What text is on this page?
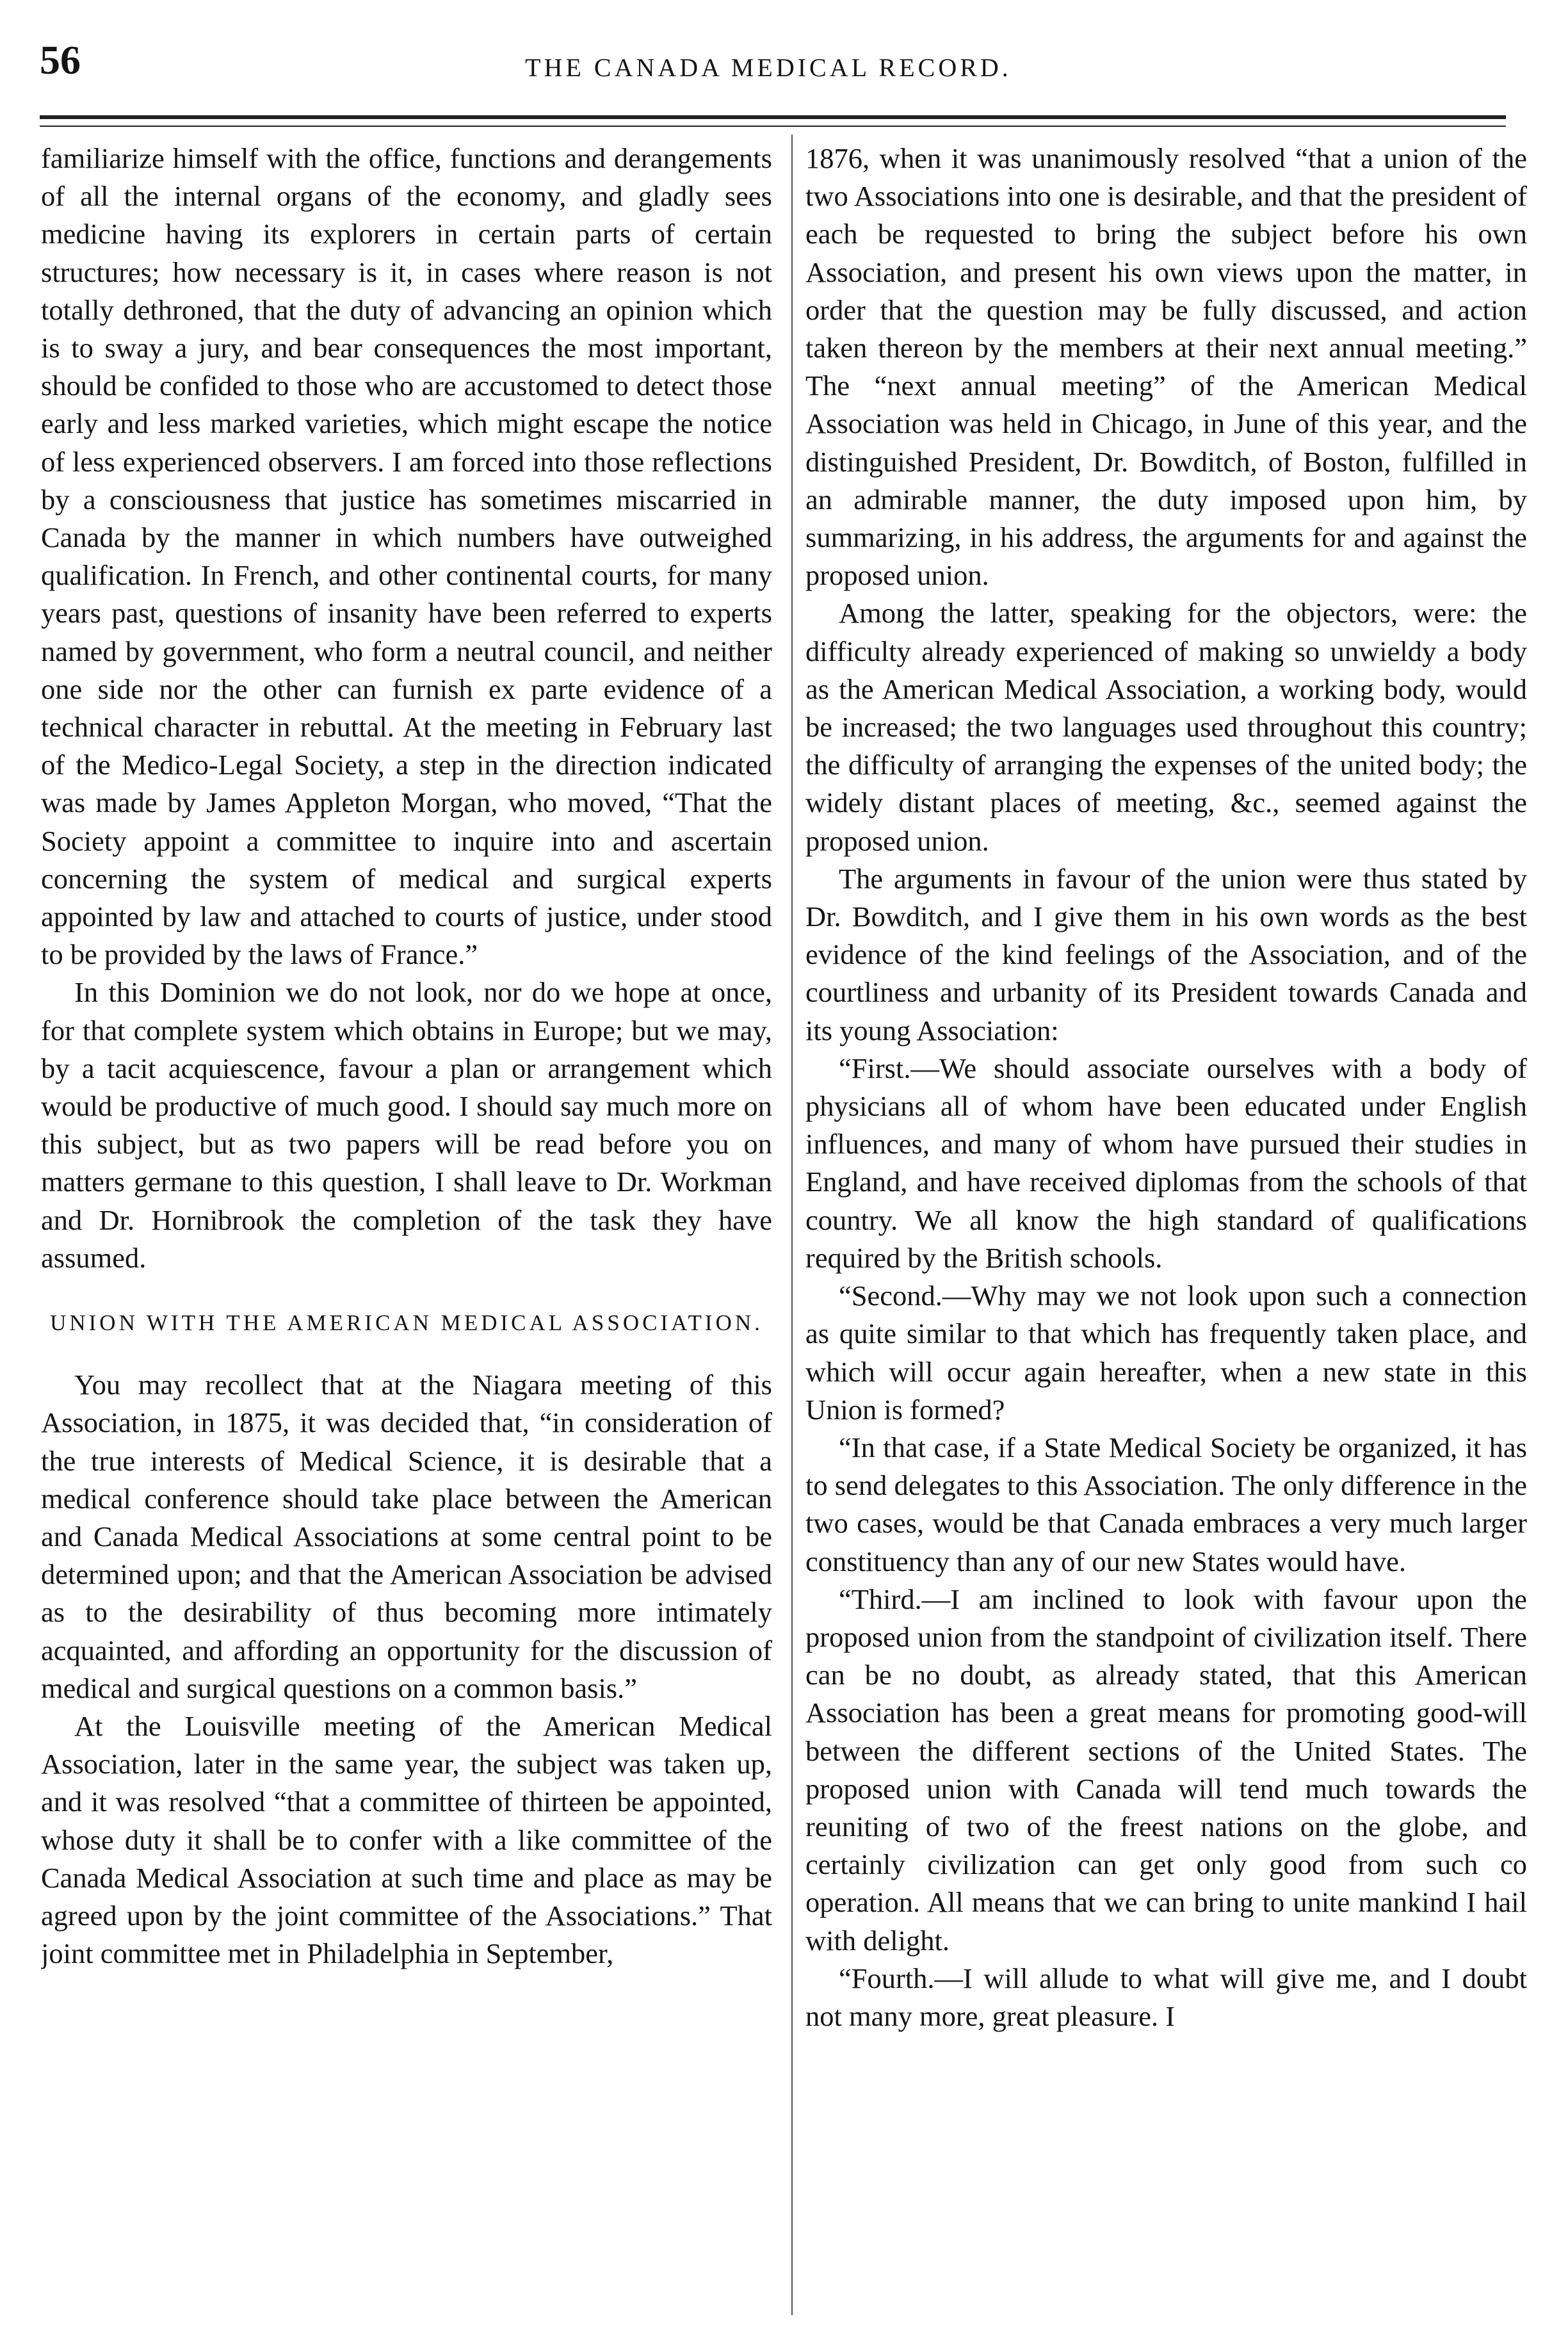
56	THE CANADA MEDICAL RECORD.

familiarize himself with the office, functions and derangements of all the internal organs of the economy, and gladly sees medicine having its explorers in certain parts of certain structures; how necessary is it, in cases where reason is not totally dethroned, that the duty of advancing an opinion which is to sway a jury, and bear consequences the most important, should be confided to those who are accustomed to detect those early and less marked varieties, which might escape the notice of less experienced observers. I am forced into those reflections by a consciousness that justice has sometimes miscarried in Canada by the manner in which numbers have outweighed qualification. In French, and other continental courts, for many years past, questions of insanity have been referred to experts named by government, who form a neutral council, and neither one side nor the other can furnish ex parte evidence of a technical character in rebuttal. At the meeting in February last of the Medico-Legal Society, a step in the direction indicated was made by James Appleton Morgan, who moved, “That the Society appoint a committee to inquire into and ascertain concerning the system of medical and surgical experts appointed by law and attached to courts of justice, under stood to be provided by the laws of France.”

In this Dominion we do not look, nor do we hope at once, for that complete system which obtains in Europe; but we may, by a tacit acquiescence, favour a plan or arrangement which would be productive of much good. I should say much more on this subject, but as two papers will be read before you on matters germane to this question, I shall leave to Dr. Workman and Dr. Hornibrook the completion of the task they have assumed.

UNION WITH THE AMERICAN MEDICAL ASSOCIATION.

You may recollect that at the Niagara meeting of this Association, in 1875, it was decided that, “in consideration of the true interests of Medical Science, it is desirable that a medical conference should take place between the American and Canada Medical Associations at some central point to be determined upon; and that the American Association be advised as to the desirability of thus becoming more intimately acquainted, and affording an opportunity for the discussion of medical and surgical questions on a common basis.”

At the Louisville meeting of the American Medical Association, later in the same year, the subject was taken up, and it was resolved “that a committee of thirteen be appointed, whose duty it shall be to confer with a like committee of the Canada Medical Association at such time and place as may be agreed upon by the joint committee of the Associations.” That joint committee met in Philadelphia in September,

1876, when it was unanimously resolved “that a union of the two Associations into one is desirable, and that the president of each be requested to bring the subject before his own Association, and present his own views upon the matter, in order that the question may be fully discussed, and action taken thereon by the members at their next annual meeting.” The “next annual meeting” of the American Medical Association was held in Chicago, in June of this year, and the distinguished President, Dr. Bowditch, of Boston, fulfilled in an admirable manner, the duty imposed upon him, by summarizing, in his address, the arguments for and against the proposed union.

Among the latter, speaking for the objectors, were: the difficulty already experienced of making so unwieldy a body as the American Medical Association, a working body, would be increased; the two languages used throughout this country; the difficulty of arranging the expenses of the united body; the widely distant places of meeting, &c., seemed against the proposed union.

The arguments in favour of the union were thus stated by Dr. Bowditch, and I give them in his own words as the best evidence of the kind feelings of the Association, and of the courtliness and urbanity of its President towards Canada and its young Association:

“First.—We should associate ourselves with a body of physicians all of whom have been educated under English influences, and many of whom have pursued their studies in England, and have received diplomas from the schools of that country. We all know the high standard of qualifications required by the British schools.

“Second.—Why may we not look upon such a connection as quite similar to that which has frequently taken place, and which will occur again hereafter, when a new state in this Union is formed?

“In that case, if a State Medical Society be organized, it has to send delegates to this Association. The only difference in the two cases, would be that Canada embraces a very much larger constituency than any of our new States would have.

“Third.—I am inclined to look with favour upon the proposed union from the standpoint of civilization itself. There can be no doubt, as already stated, that this American Association has been a great means for promoting good-will between the different sections of the United States. The proposed union with Canada will tend much towards the reuniting of two of the freest nations on the globe, and certainly civilization can get only good from such co operation. All means that we can bring to unite mankind I hail with delight.

“Fourth.—I will allude to what will give me, and I doubt not many more, great pleasure. I
